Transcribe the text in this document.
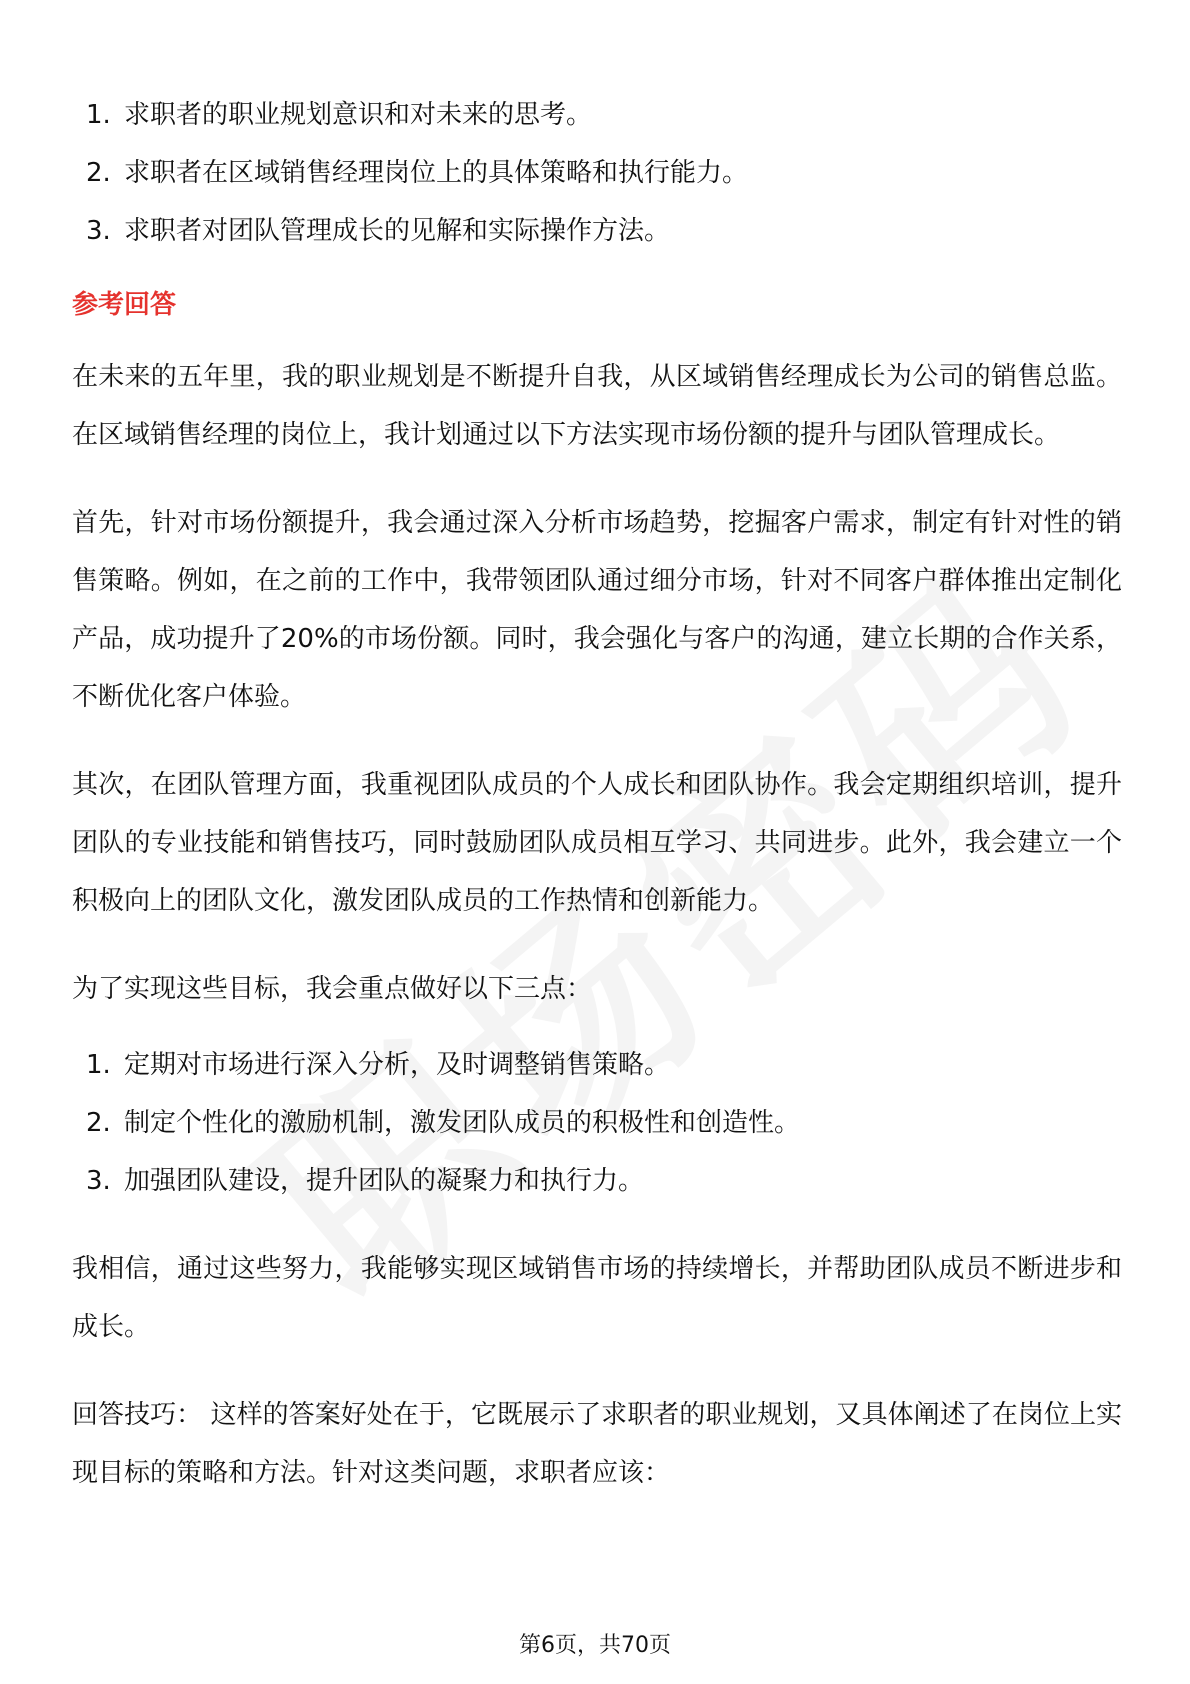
1. 求职者的职业规划意识和对未来的思考。
2. 求职者在区域销售经理岗位上的具体策略和执行能力。
3. 求职者对团队管理成长的见解和实际操作方法。
参考回答

在未来的五年里，我的职业规划是不断提升自我，从区域销售经理成长为公司的销售总监。在区域销售经理的岗位上，我计划通过以下方法实现市场份额的提升与团队管理成长。

首先，针对市场份额提升，我会通过深入分析市场趋势，挖掘客户需求，制定有针对性的销售策略。例如，在之前的工作中，我带领团队通过细分市场，针对不同客户群体推出定制化产品，成功提升了20%的市场份额。同时，我会强化与客户的沟通，建立长期的合作关系，不断优化客户体验。

其次，在团队管理方面，我重视团队成员的个人成长和团队协作。我会定期组织培训，提升团队的专业技能和销售技巧，同时鼓励团队成员相互学习、共同进步。此外，我会建立一个积极向上的团队文化，激发团队成员的工作热情和创新能力。

为了实现这些目标，我会重点做好以下三点：

1. 定期对市场进行深入分析，及时调整销售策略。
2. 制定个性化的激励机制，激发团队成员的积极性和创造性。
3. 加强团队建设，提升团队的凝聚力和执行力。

我相信，通过这些努力，我能够实现区域销售市场的持续增长，并帮助团队成员不断进步和成长。

回答技巧： 这样的答案好处在于，它既展示了求职者的职业规划，又具体阐述了在岗位上实现目标的策略和方法。针对这类问题，求职者应该：

第6页，共70页
